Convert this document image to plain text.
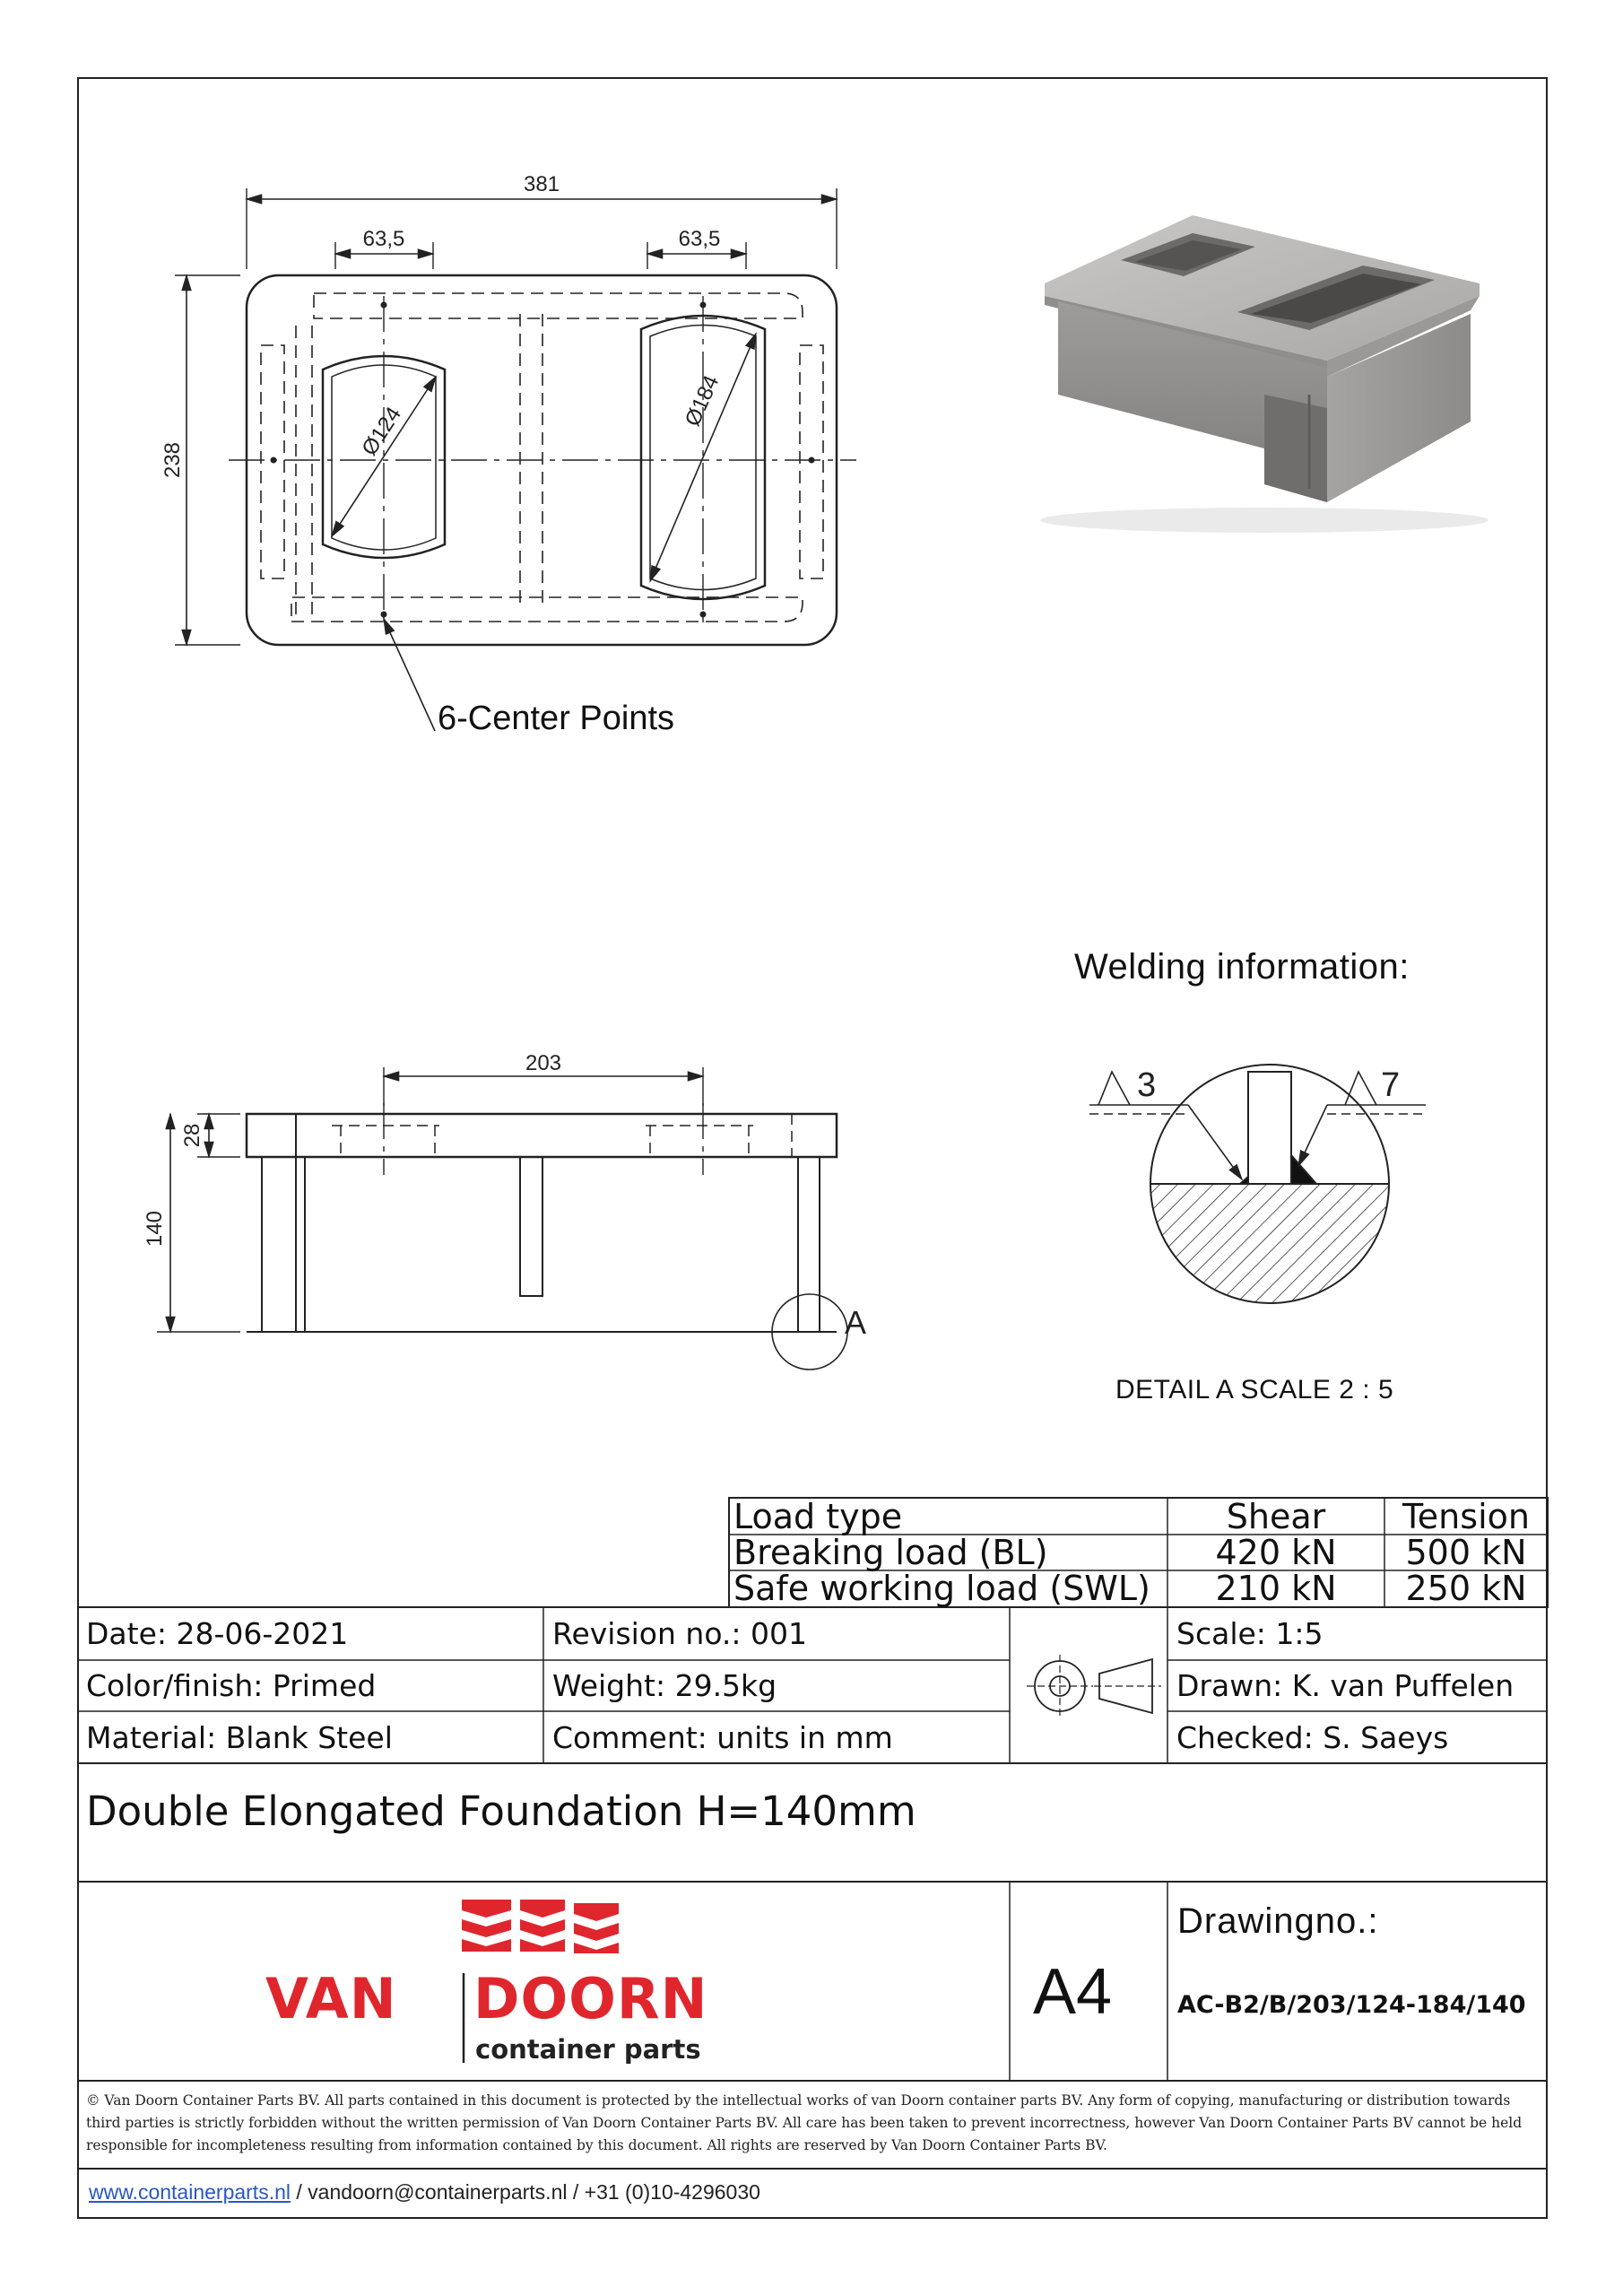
381
63,5	63,5
238
Ø124
Ø184
203
28
140
A
3	7
6-Center Points
Welding information:
DETAIL A SCALE 2 : 5
Load type	Shear	Tension
Breaking load (BL)	420 kN	500 kN
Safe working load (SWL)	210 kN	250 kN
Date: 28-06-2021	Revision no.: 001	Scale: 1:5
Color/finish: Primed	Weight: 29.5kg	Drawn: K. van Puffelen
Material: Blank Steel	Comment: units in mm	Checked: S. Saeys
Double Elongated Foundation H=140mm
VAN DOORN
container parts
A4
Drawingno.:
AC-B2/B/203/124-184/140
© Van Doorn Container Parts BV. All parts contained in this document is protected by the intellectual works of van Doorn container parts BV. Any form of copying, manufacturing or distribution towards third parties is strictly forbidden without the written permission of Van Doorn Container Parts BV. All care has been taken to prevent incorrectness, however Van Doorn Container Parts BV cannot be held responsible for incompleteness resulting from information contained by this document. All rights are reserved by Van Doorn Container Parts BV.
www.containerparts.nl / vandoorn@containerparts.nl / +31 (0)10-4296030
